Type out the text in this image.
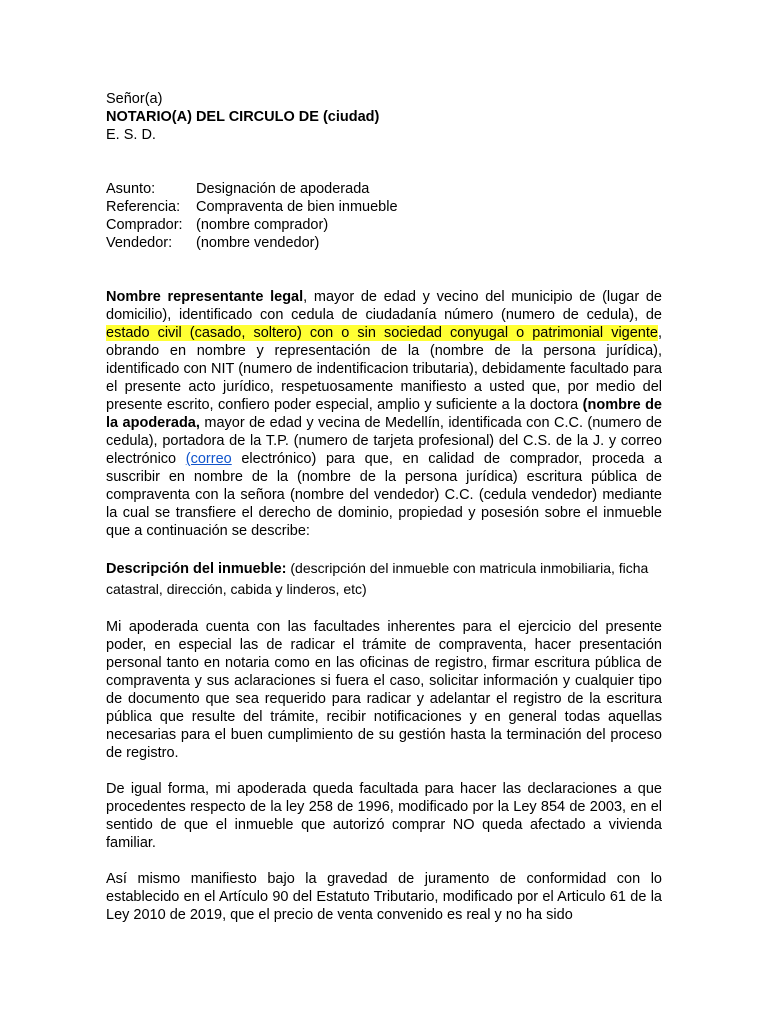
Señor(a)
NOTARIO(A) DEL CIRCULO DE (ciudad)
E. S. D.
Asunto:	Designación de apoderada
Referencia:	Compraventa de bien inmueble
Comprador: (nombre comprador)
Vendedor:	(nombre vendedor)

Nombre representante legal, mayor de edad y vecino del municipio de (lugar de domicilio), identificado con cedula de ciudadanía número (numero de cedula), de estado civil (casado, soltero) con o sin sociedad conyugal o patrimonial vigente, obrando en nombre y representación de la (nombre de la persona jurídica), identificado con NIT (numero de indentificacion tributaria), debidamente facultado para el presente acto jurídico, respetuosamente manifiesto a usted que, por medio del presente escrito, confiero poder especial, amplio y suficiente a la doctora (nombre de la apoderada, mayor de edad y vecina de Medellín, identificada con C.C. (numero de cedula), portadora de la T.P. (numero de tarjeta profesional) del C.S. de la J. y correo electrónico (correo electrónico) para que, en calidad de comprador, proceda a suscribir en nombre de la (nombre de la persona jurídica) escritura pública de compraventa con la señora (nombre del vendedor) C.C. (cedula vendedor) mediante la cual se transfiere el derecho de dominio, propiedad y posesión sobre el inmueble que a continuación se describe:

Descripción del inmueble: (descripción del inmueble con matricula inmobiliaria, ficha catastral, dirección, cabida y linderos, etc)

Mi apoderada cuenta con las facultades inherentes para el ejercicio del presente poder, en especial las de radicar el trámite de compraventa, hacer presentación personal tanto en notaria como en las oficinas de registro, firmar escritura pública de compraventa y sus aclaraciones si fuera el caso, solicitar información y cualquier tipo de documento que sea requerido para radicar y adelantar el registro de la escritura pública que resulte del trámite, recibir notificaciones y en general todas aquellas necesarias para el buen cumplimiento de su gestión hasta la terminación del proceso de registro.

De igual forma, mi apoderada queda facultada para hacer las declaraciones a que procedentes respecto de la ley 258 de 1996, modificado por la Ley 854 de 2003, en el sentido de que el inmueble que autorizó comprar NO queda afectado a vivienda familiar.

Así mismo manifiesto bajo la gravedad de juramento de conformidad con lo establecido en el Artículo 90 del Estatuto Tributario, modificado por el Articulo 61 de la Ley 2010 de 2019, que el precio de venta convenido es real y no ha sido
